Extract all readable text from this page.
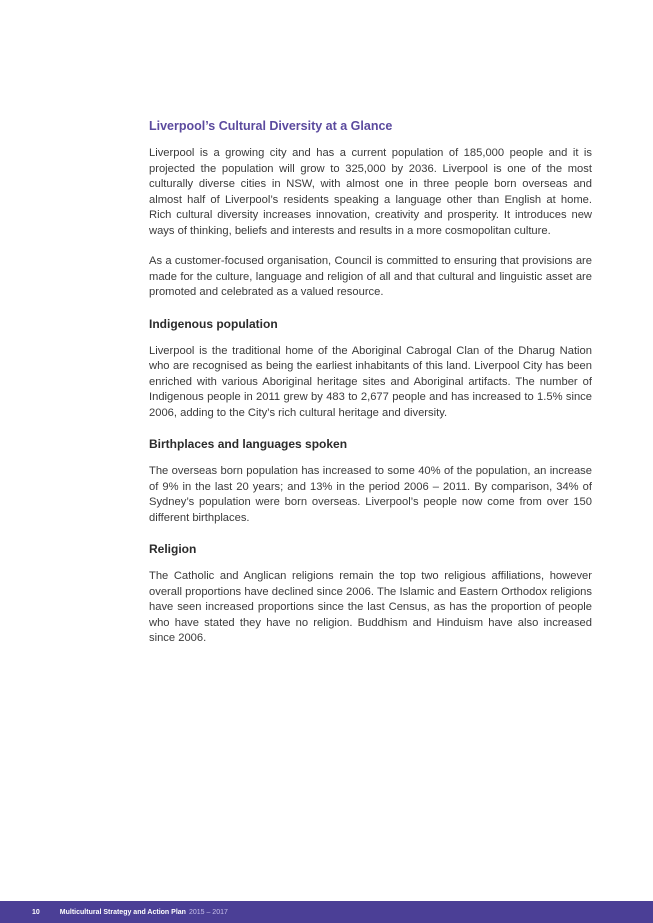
Liverpool’s Cultural Diversity at a Glance

Liverpool is a growing city and has a current population of 185,000 people and it is projected the population will grow to 325,000 by 2036. Liverpool is one of the most culturally diverse cities in NSW, with almost one in three people born overseas and almost half of Liverpool’s residents speaking a language other than English at home. Rich cultural diversity increases innovation, creativity and prosperity. It introduces new ways of thinking, beliefs and interests and results in a more cosmopolitan culture.

As a customer-focused organisation, Council is committed to ensuring that provisions are made for the culture, language and religion of all and that cultural and linguistic asset are promoted and celebrated as a valued resource.

Indigenous population

Liverpool is the traditional home of the Aboriginal Cabrogal Clan of the Dharug Nation who are recognised as being the earliest inhabitants of this land. Liverpool City has been enriched with various Aboriginal heritage sites and Aboriginal artifacts. The number of Indigenous people in 2011 grew by 483 to 2,677 people and has increased to 1.5% since 2006, adding to the City’s rich cultural heritage and diversity.

Birthplaces and languages spoken

The overseas born population has increased to some 40% of the population, an increase of 9% in the last 20 years; and 13% in the period 2006 – 2011. By comparison, 34% of Sydney’s population were born overseas. Liverpool’s people now come from over 150 different birthplaces.

Religion

The Catholic and Anglican religions remain the top two religious affiliations, however overall proportions have declined since 2006. The Islamic and Eastern Orthodox religions have seen increased proportions since the last Census, as has the proportion of people who have stated they have no religion. Buddhism and Hinduism have also increased since 2006.

10	Multicultural Strategy and Action Plan 2015 – 2017
